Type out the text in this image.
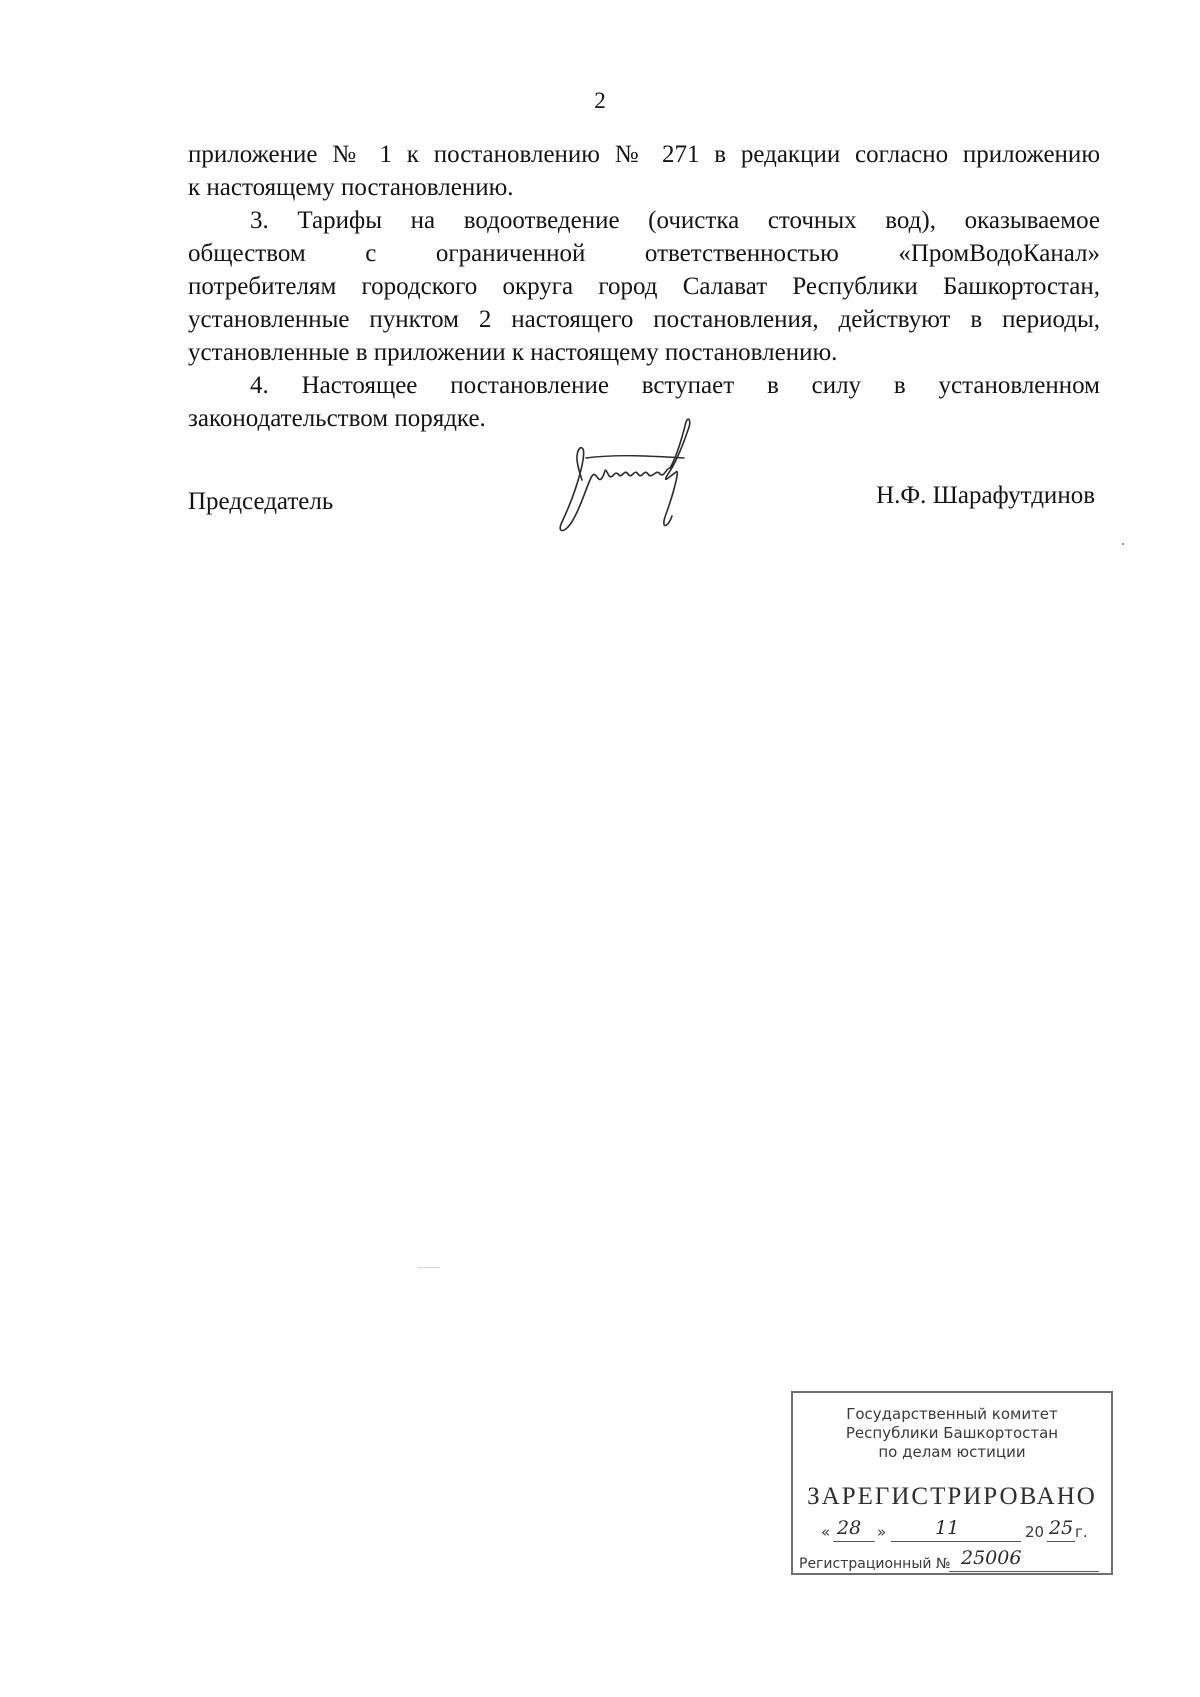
2

приложение № 1 к постановлению № 271 в редакции согласно приложению

к настоящему постановлению.

3. Тарифы на водоотведение (очистка сточных вод), оказываемое

обществом с ограниченной ответственностью «ПромВодоКанал»

потребителям городского округа город Салават Республики Башкортостан,

установленные пунктом 2 настоящего постановления, действуют в периоды,

установленные в приложении к настоящему постановлению.

4. Настоящее постановление вступает в силу в установленном

законодательством порядке.

Председатель	Н.Ф. Шарафутдинов
Государственный комитет
Республики Башкортостан
по делам юстиции
ЗАРЕГИСТРИРОВАНО
« 28 »	11	20 25 г.
Регистрационный № 25006
